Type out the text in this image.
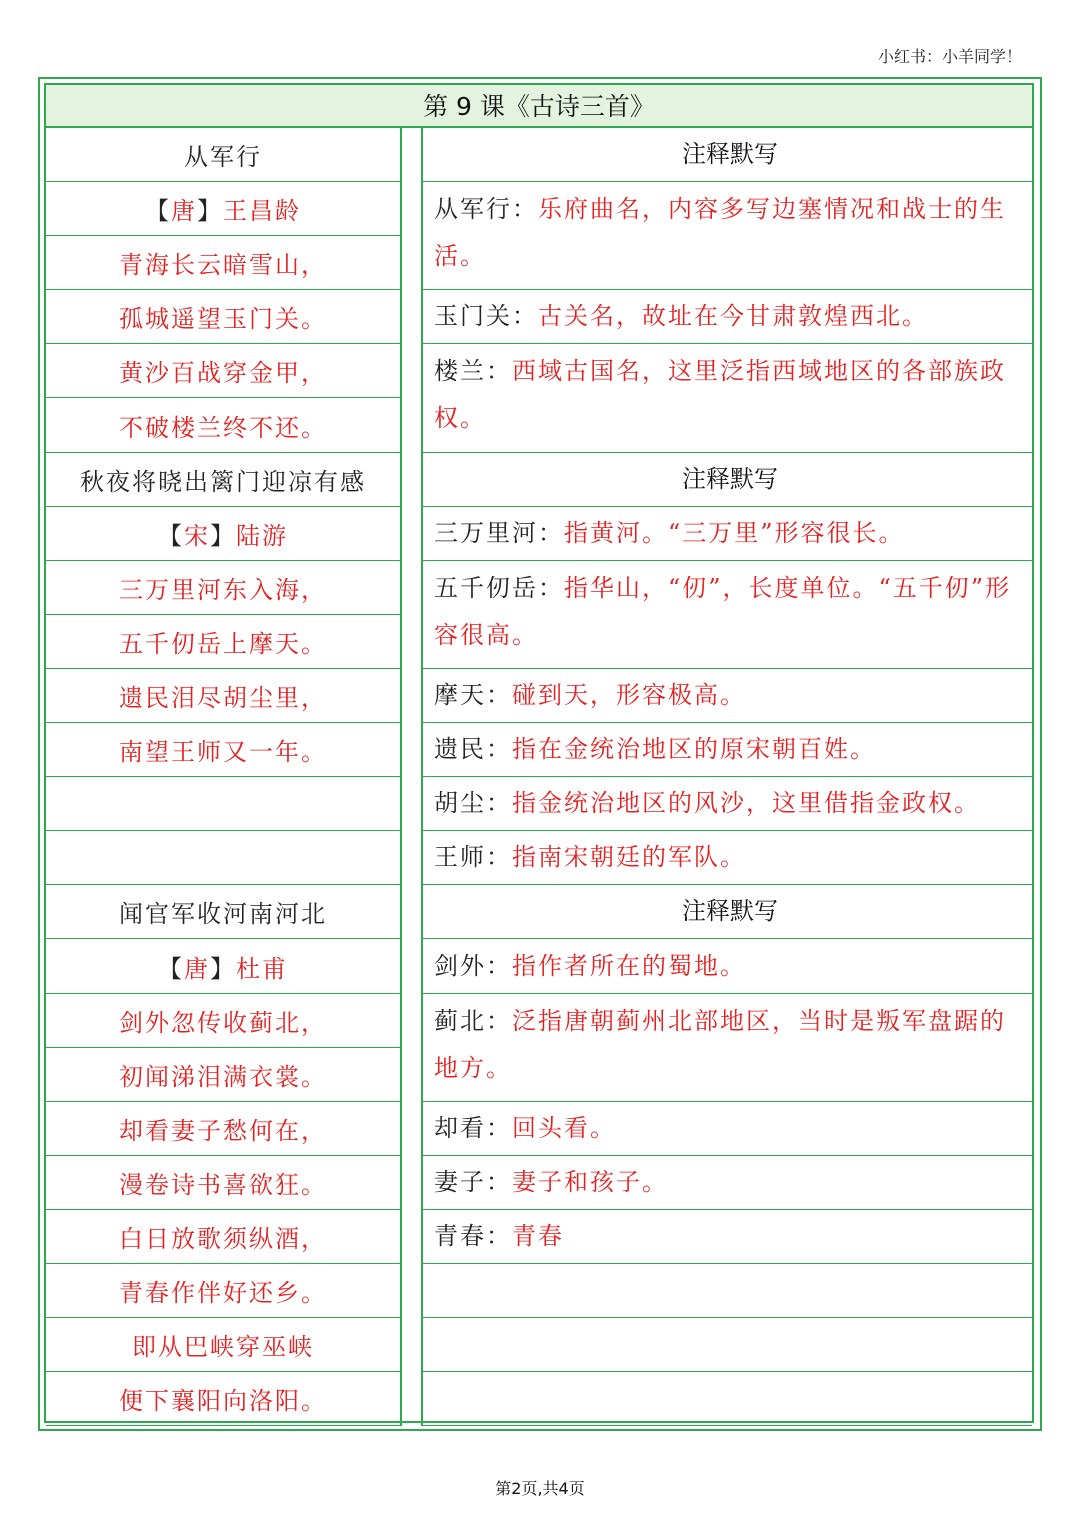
小红书：小羊同学！
第 9 课《古诗三首》
从军行
【 唐 】 王昌龄
青海长云暗雪山，
孤城遥望玉门关。
黄沙百战穿金甲，
不破楼兰终不还。
秋夜将晓出篱门迎凉有感
【 宋 】 陆游
三万里河东入海，
五千仞岳上摩天。
遗民泪尽胡尘里，
南望王师又一年。
闻官军收河南河北
【 唐 】 杜甫
剑外忽传收蓟北，
初闻涕泪满衣裳。
却看妻子愁何在，
漫卷诗书喜欲狂。
白日放歌须纵酒，
青春作伴好还乡。
即从巴峡穿巫峡
便下襄阳向洛阳。
注释默写
从军行：乐府曲名，内容多写边塞情况和战士的生活。
玉门关：古关名，故址在今甘肃敦煌西北。
楼兰：西域古国名，这里泛指西域地区的各部族政权。
注释默写
三万里河：指黄河。“三万里”形容很长。
五千仞岳：指华山，“仞”，长度单位。“五千仞”形容很高。
摩天：碰到天，形容极高。
遗民：指在金统治地区的原宋朝百姓。
胡尘：指金统治地区的风沙，这里借指金政权。
王师：指南宋朝廷的军队。
注释默写
剑外：指作者所在的蜀地。
蓟北：泛指唐朝蓟州北部地区，当时是叛军盘踞的地方。
却看：回头看。
妻子：妻子和孩子。
青春：青春
第2页,共4页
